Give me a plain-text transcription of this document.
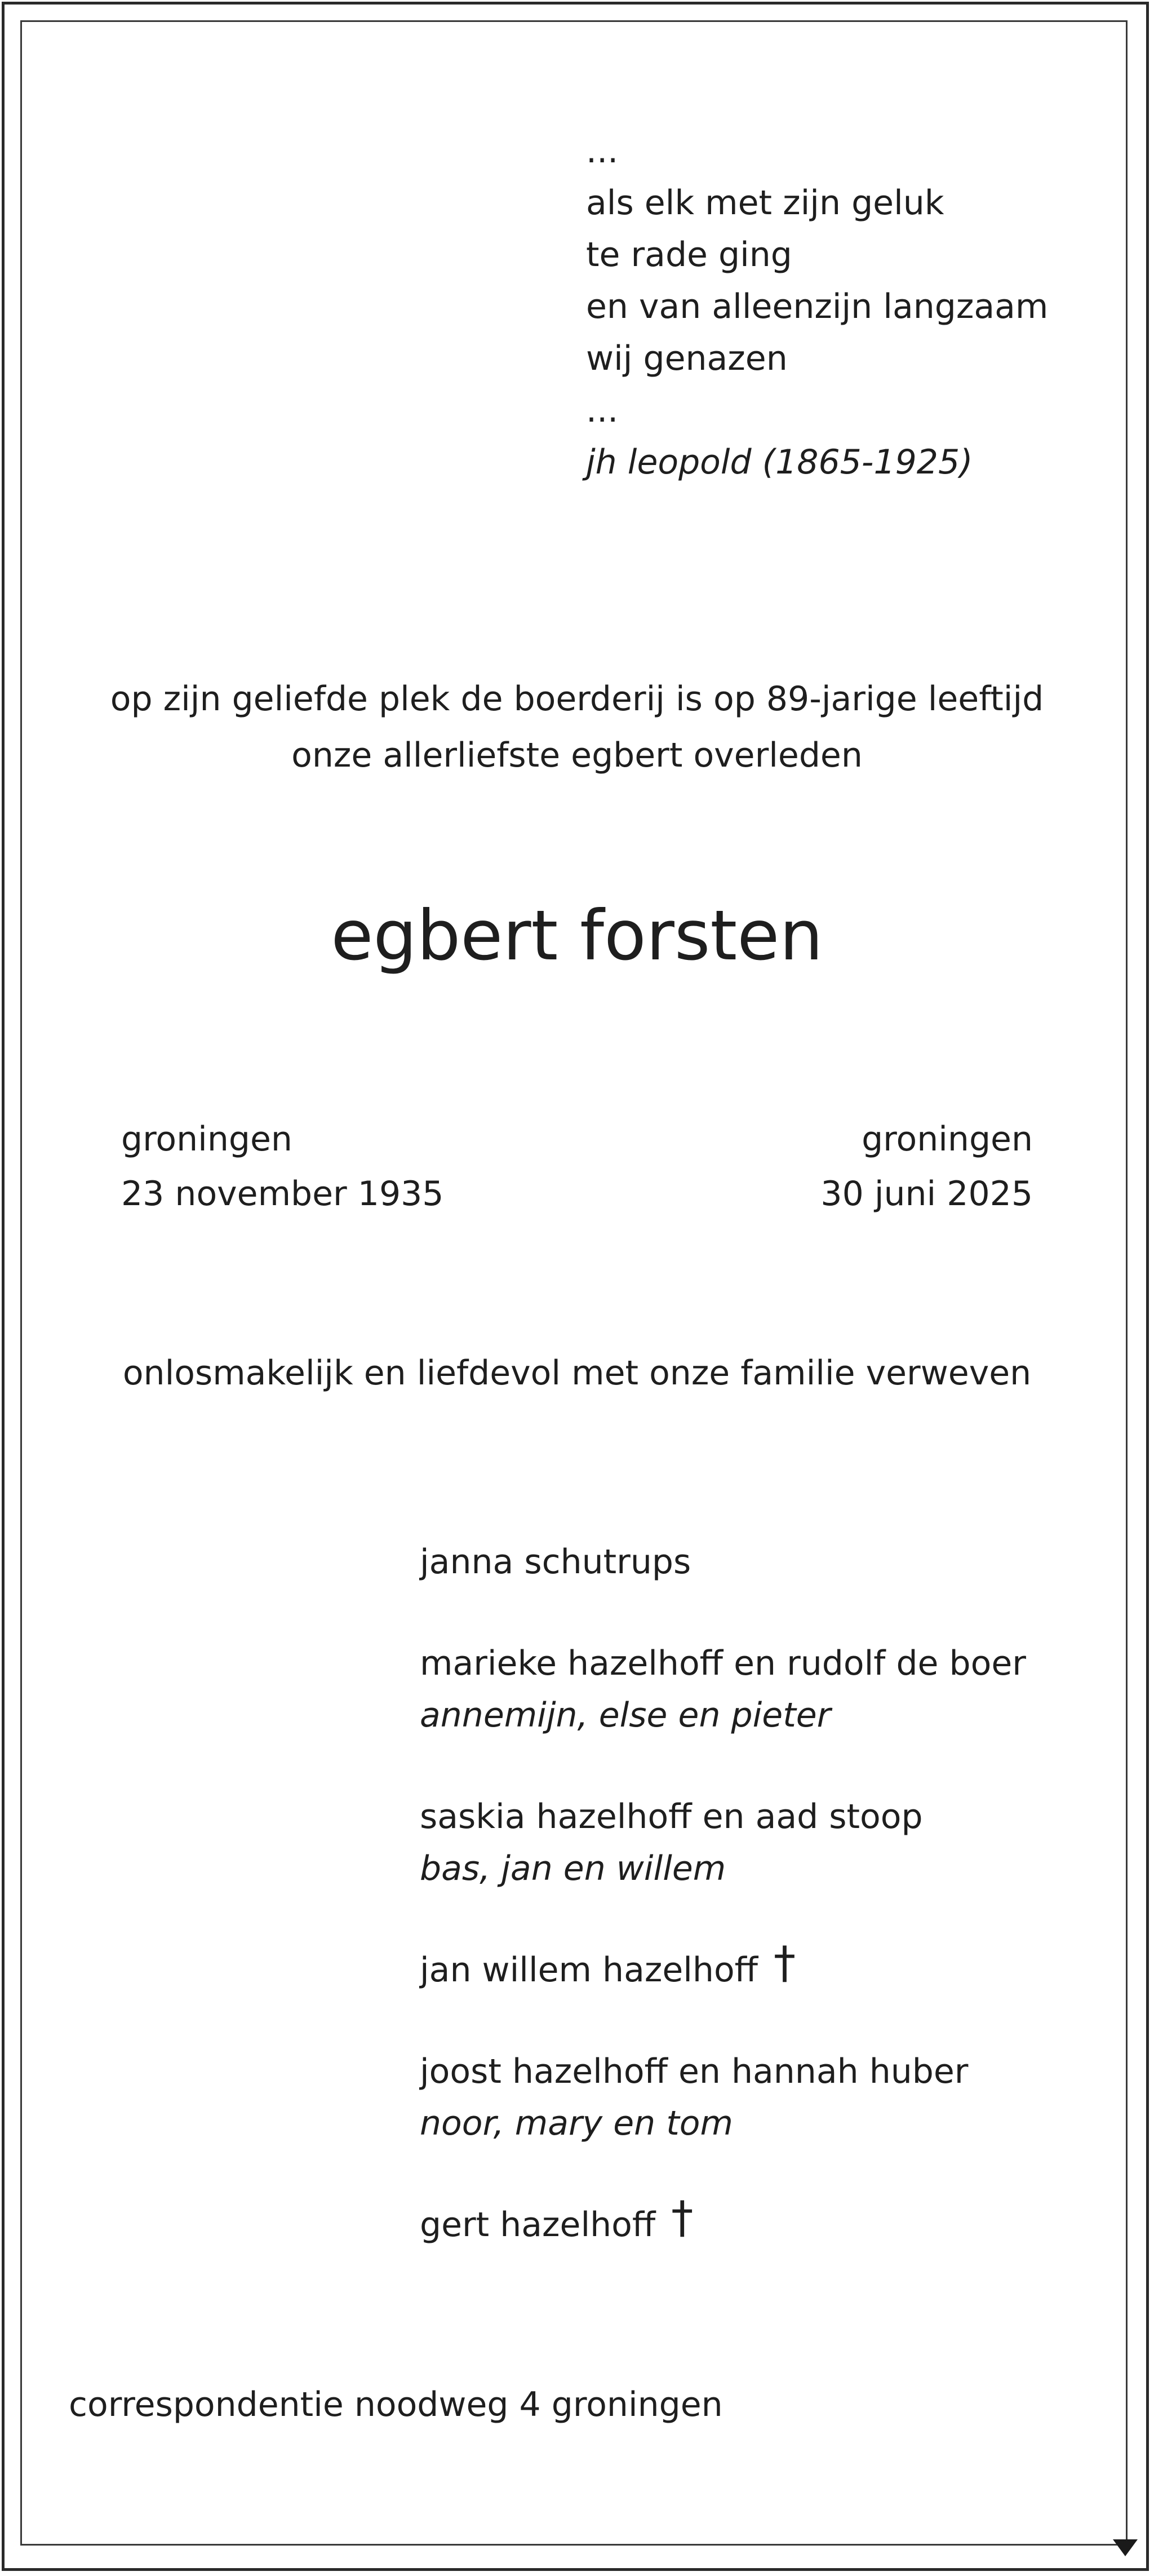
...
als elk met zijn geluk
te rade ging
en van alleenzijn langzaam
wij genazen
...
jh leopold (1865-1925)
op zijn geliefde plek de boerderij is op 89-jarige leeftijd
onze allerliefste egbert overleden
egbert forsten
groningen
23 november 1935
groningen
30 juni 2025
onlosmakelijk en liefdevol met onze familie verweven
janna schutrups
marieke hazelhoff en rudolf de boer
annemijn, else en pieter
saskia hazelhoff en aad stoop
bas, jan en willem
jan willem hazelhoff †
joost hazelhoff en hannah huber
noor, mary en tom
gert hazelhoff †
correspondentie noodweg 4 groningen
